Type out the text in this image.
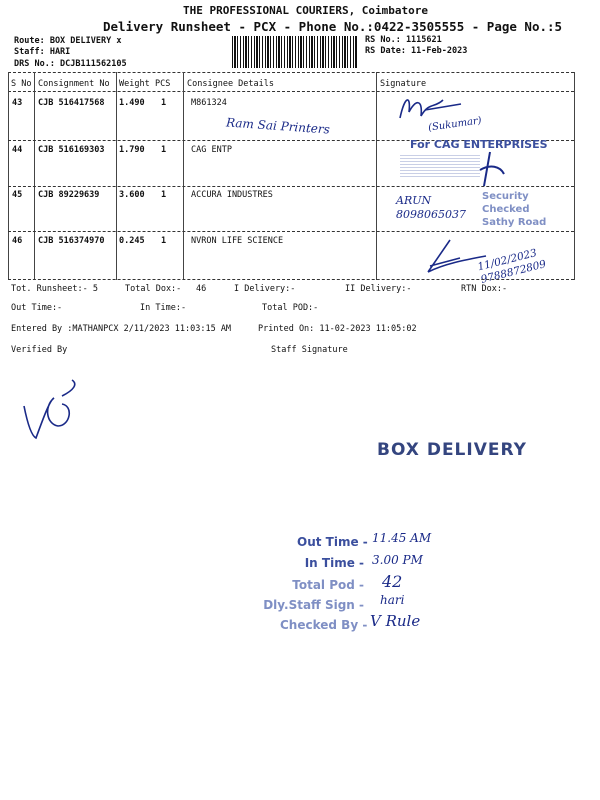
THE PROFESSIONAL COURIERS, Coimbatore
Delivery Runsheet - PCX - Phone No.:0422-3505555 - Page No.:5
Route: BOX DELIVERY x
Staff: HARI
DRS No.: DCJB111562105
RS No.: 1115621
RS Date: 11-Feb-2023
S No Consignment No Weight PCS Consignee Details	Signature
43 CJB 516417568 1.490 1	M861324
Ram Sai Printers	(Sukumar)
44 CJB 516169303 1.790 1	CAG ENTP	For CAG ENTERPRISES
45 CJB 89229639 3.600 1	ACCURA INDUSTRES	ARUN 8098065037
Security Checked Sathy Road
46 CJB 516374970 0.245 1	NVRON LIFE SCIENCE
11/02/2023 9788872809
Tot. Runsheet:- 5	Total Dox:- 46	I Delivery:-	II Delivery:-	RTN Dox:-
Out Time:-	In Time:-	Total POD:-
Entered By :MATHANPCX 2/11/2023 11:03:15 AM	Printed On: 11-02-2023 11:05:02
Verified By	Staff Signature
BOX DELIVERY
Out Time - 11.45 AM
In Time - 3.00 PM
Total Pod - 42
Dly.Staff Sign - hari
Checked By - V Rule
